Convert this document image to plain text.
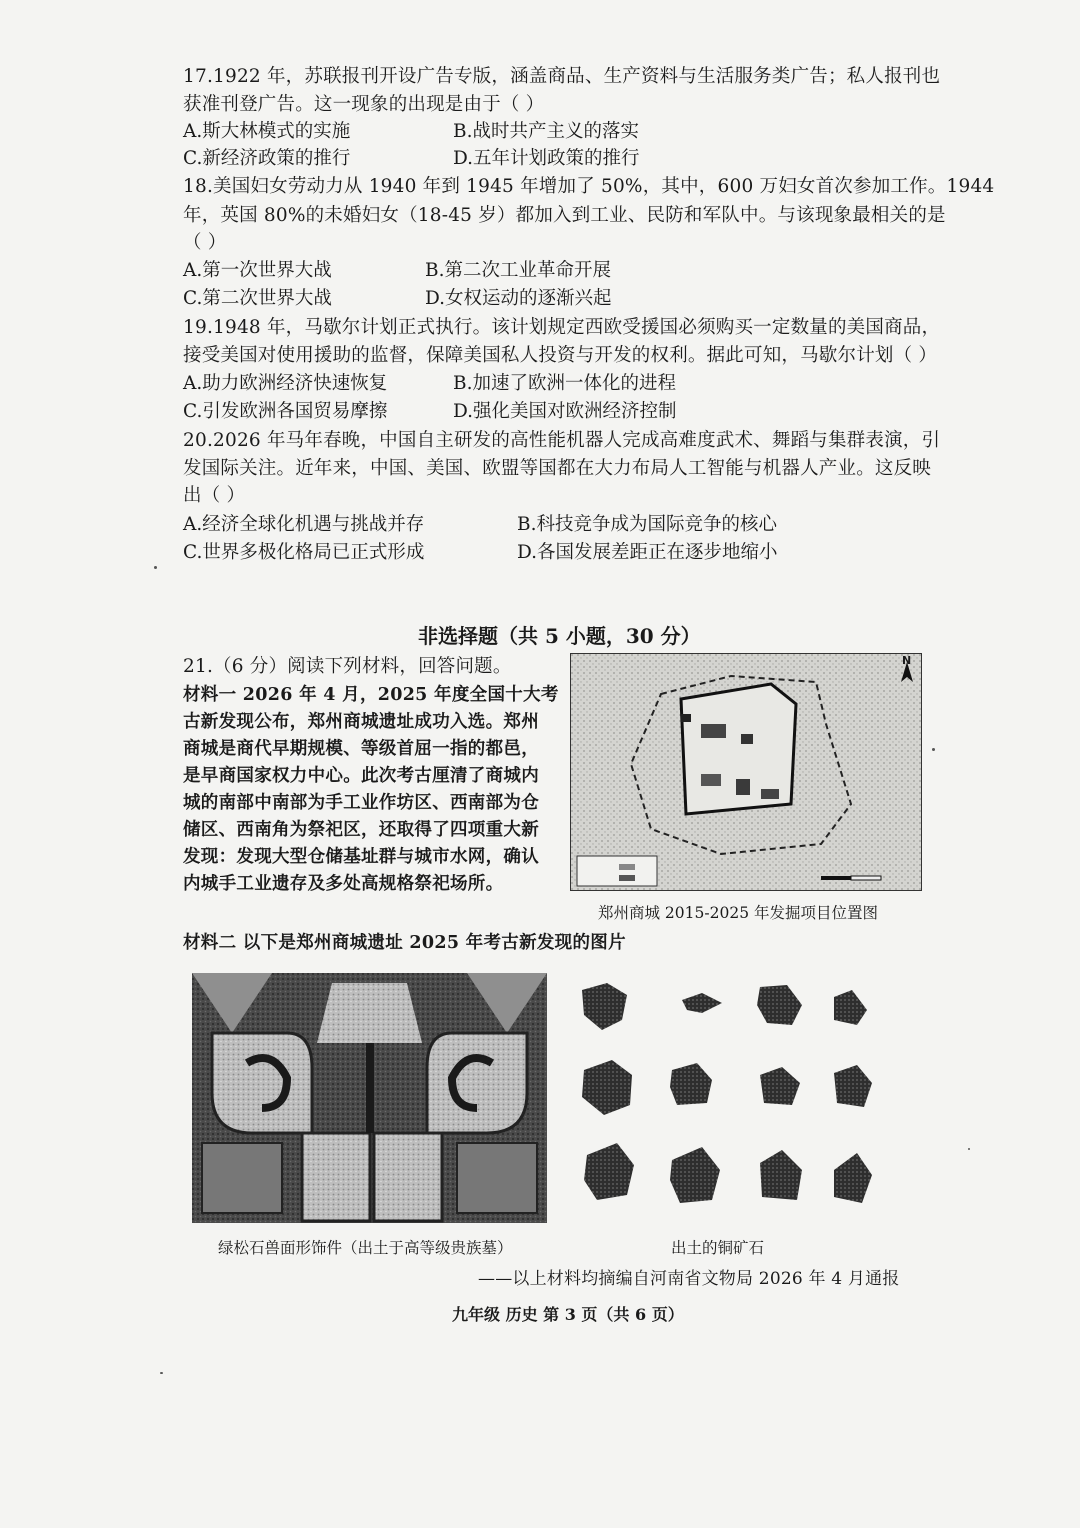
17.1922 年，苏联报刊开设广告专版，涵盖商品、生产资料与生活服务类广告；私人报刊也
获准刊登广告。这一现象的出现是由于（ ）
A.斯大林模式的实施	B.战时共产主义的落实
C.新经济政策的推行	D.五年计划政策的推行
18.美国妇女劳动力从 1940 年到 1945 年增加了 50%，其中，600 万妇女首次参加工作。1944
年，英国 80%的未婚妇女（18-45 岁）都加入到工业、民防和军队中。与该现象最相关的是
（ ）
A.第一次世界大战	B.第二次工业革命开展
C.第二次世界大战	D.女权运动的逐渐兴起
19.1948 年，马歇尔计划正式执行。该计划规定西欧受援国必须购买一定数量的美国商品，
接受美国对使用援助的监督，保障美国私人投资与开发的权利。据此可知，马歇尔计划（ ）
A.助力欧洲经济快速恢复	B.加速了欧洲一体化的进程
C.引发欧洲各国贸易摩擦	D.强化美国对欧洲经济控制
20.2026 年马年春晚，中国自主研发的高性能机器人完成高难度武术、舞蹈与集群表演，引
发国际关注。近年来，中国、美国、欧盟等国都在大力布局人工智能与机器人产业。这反映
出（ ）
A.经济全球化机遇与挑战并存	B.科技竞争成为国际竞争的核心
C.世界多极化格局已正式形成	D.各国发展差距正在逐步地缩小
非选择题（共 5 小题，30 分）
21.（6 分）阅读下列材料，回答问题。
材料一 2026 年 4 月，2025 年度全国十大考
古新发现公布，郑州商城遗址成功入选。郑州
商城是商代早期规模、等级首屈一指的都邑，
是早商国家权力中心。此次考古厘清了商城内
城的南部中南部为手工业作坊区、西南部为仓
储区、西南角为祭祀区，还取得了四项重大新
发现：发现大型仓储基址群与城市水网，确认
内城手工业遗存及多处高规格祭祀场所。
N
郑州商城 2015-2025 年发掘项目位置图
材料二 以下是郑州商城遗址 2025 年考古新发现的图片
绿松石兽面形饰件（出土于高等级贵族墓）	出土的铜矿石
——以上材料均摘编自河南省文物局 2026 年 4 月通报
九年级 历史 第 3 页（共 6 页）
